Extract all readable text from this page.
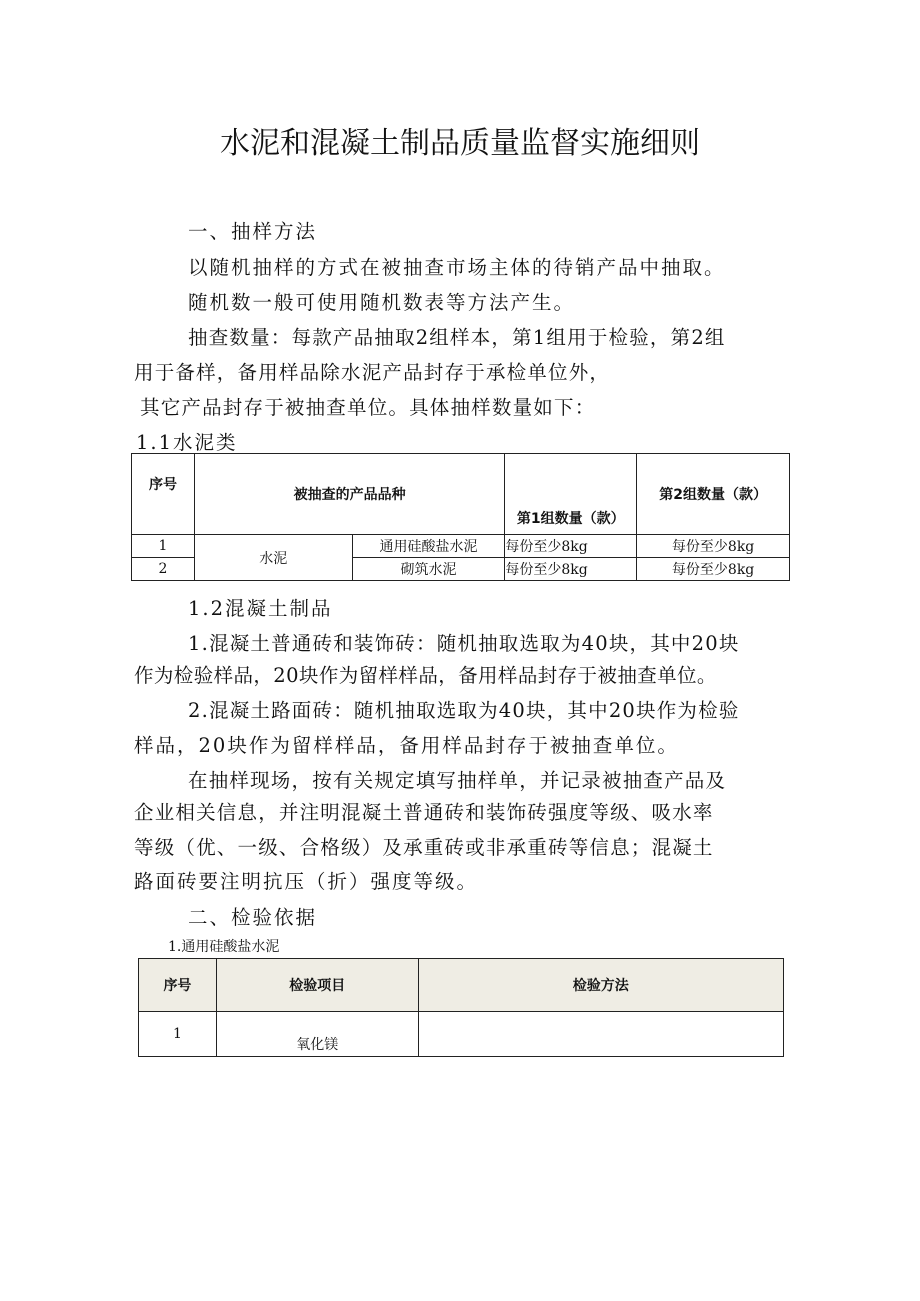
水泥和混凝土制品质量监督实施细则
一、抽样方法
以随机抽样的方式在被抽查市场主体的待销产品中抽取。
随机数一般可使用随机数表等方法产生。
抽查数量：每款产品抽取2组样本，第1组用于检验，第2组
用于备样，备用样品除水泥产品封存于承检单位外，
其它产品封存于被抽查单位。具体抽样数量如下：
1.1水泥类
序号	被抽查的产品品种		第1组数量（款）	第2组数量（款）
1	水泥	通用硅酸盐水泥	每份至少8kg	每份至少8kg
2		砌筑水泥	每份至少8kg	每份至少8kg
1.2混凝土制品
1.混凝土普通砖和装饰砖：随机抽取选取为40块，其中20块
作为检验样品，20块作为留样样品，备用样品封存于被抽查单位。
2.混凝土路面砖：随机抽取选取为40块，其中20块作为检验
样品，20块作为留样样品，备用样品封存于被抽查单位。
在抽样现场，按有关规定填写抽样单，并记录被抽查产品及
企业相关信息，并注明混凝土普通砖和装饰砖强度等级、吸水率
等级（优、一级、合格级）及承重砖或非承重砖等信息；混凝土
路面砖要注明抗压（折）强度等级。
二、检验依据
1.通用硅酸盐水泥
序号	检验项目	检验方法
1	氧化镁	
